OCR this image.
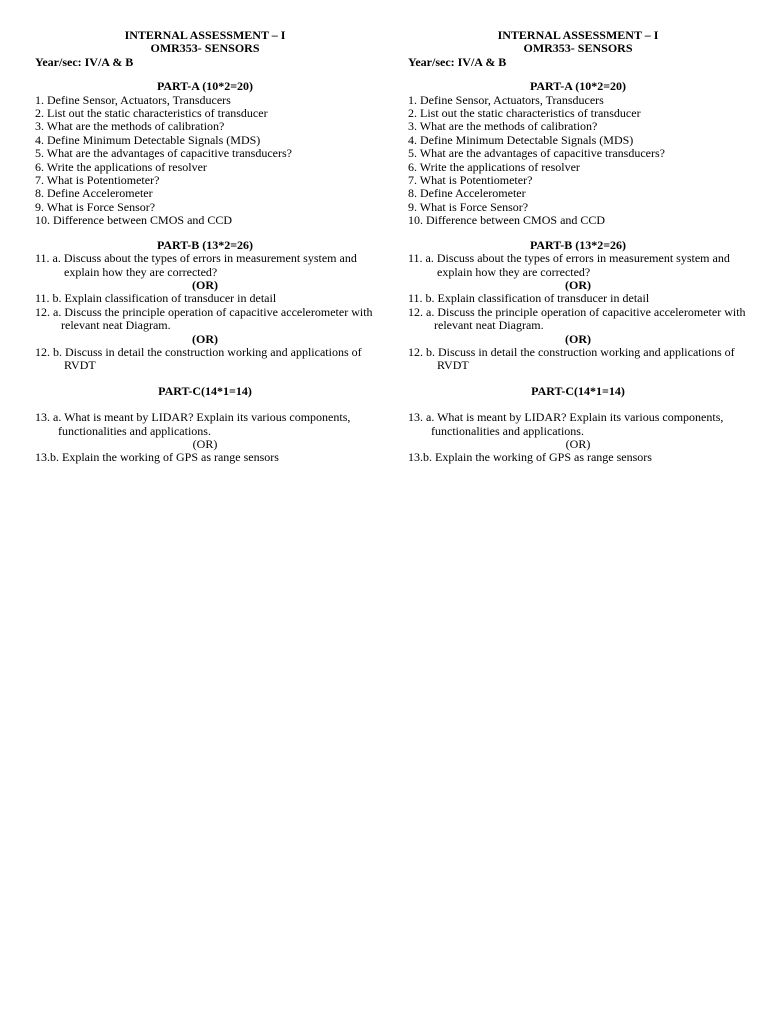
INTERNAL ASSESSMENT – I
OMR353- SENSORS
Year/sec: IV/A & B
PART-A (10*2=20)
1. Define Sensor, Actuators, Transducers
2. List out the static characteristics of transducer
3. What are the methods of calibration?
4. Define Minimum Detectable Signals (MDS)
5. What are the advantages of capacitive transducers?
6. Write the applications of resolver
7. What is Potentiometer?
8. Define Accelerometer
9. What is Force Sensor?
10. Difference between CMOS and CCD
PART-B (13*2=26)
11. a. Discuss about the types of errors in measurement system and
explain how they are corrected?
(OR)
11. b. Explain classification of transducer in detail
12. a. Discuss the principle operation of capacitive accelerometer with
relevant neat Diagram.
(OR)
12. b. Discuss in detail the construction working and applications of
RVDT
PART-C(14*1=14)
13. a. What is meant by LIDAR? Explain its various components,
functionalities and applications.
(OR)
13.b. Explain the working of GPS as range sensors
INTERNAL ASSESSMENT – I
OMR353- SENSORS
Year/sec: IV/A & B
PART-A (10*2=20)
1. Define Sensor, Actuators, Transducers
2. List out the static characteristics of transducer
3. What are the methods of calibration?
4. Define Minimum Detectable Signals (MDS)
5. What are the advantages of capacitive transducers?
6. Write the applications of resolver
7. What is Potentiometer?
8. Define Accelerometer
9. What is Force Sensor?
10. Difference between CMOS and CCD
PART-B (13*2=26)
11. a. Discuss about the types of errors in measurement system and
explain how they are corrected?
(OR)
11. b. Explain classification of transducer in detail
12. a. Discuss the principle operation of capacitive accelerometer with
relevant neat Diagram.
(OR)
12. b. Discuss in detail the construction working and applications of
RVDT
PART-C(14*1=14)
13. a. What is meant by LIDAR? Explain its various components,
functionalities and applications.
(OR)
13.b. Explain the working of GPS as range sensors
